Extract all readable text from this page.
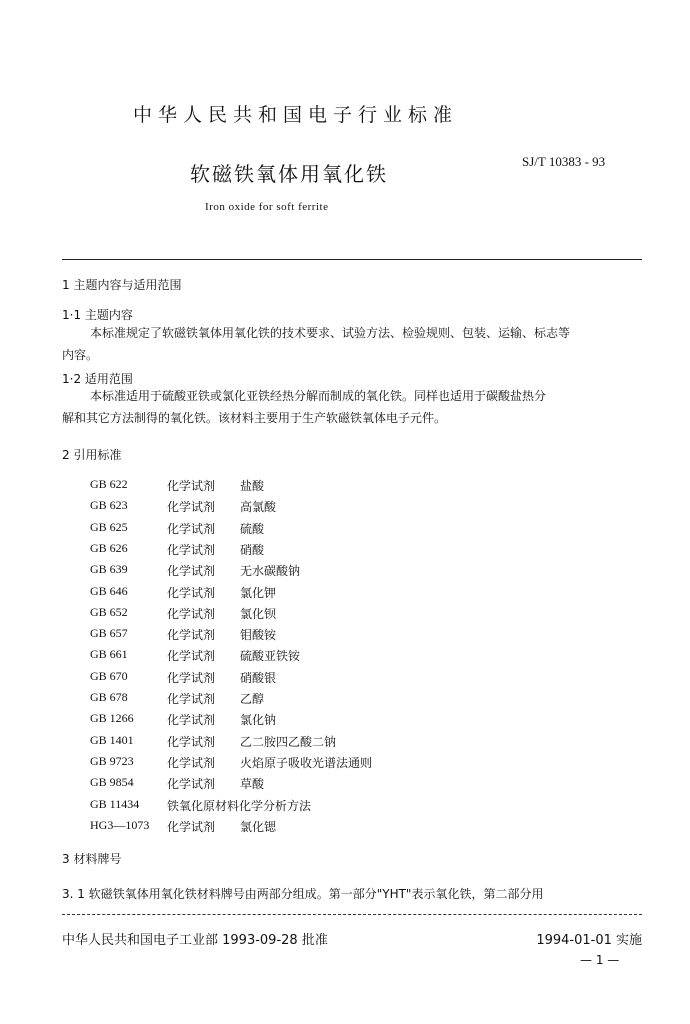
中华人民共和国电子行业标准
软磁铁氧体用氧化铁
SJ/T 10383 - 93
Iron oxide for soft ferrite
1 主题内容与适用范围
1·1 主题内容
本标准规定了软磁铁氧体用氧化铁的技术要求、试验方法、检验规则、包装、运输、标志等
内容。
1·2 适用范围
本标准适用于硫酸亚铁或氯化亚铁经热分解而制成的氧化铁。同样也适用于碳酸盐热分
解和其它方法制得的氧化铁。该材料主要用于生产软磁铁氧体电子元件。
2 引用标准
GB 622	化学试剂 盐酸
GB 623	化学试剂 高氯酸
GB 625	化学试剂 硫酸
GB 626	化学试剂 硝酸
GB 639	化学试剂 无水碳酸钠
GB 646	化学试剂 氯化钾
GB 652	化学试剂 氯化钡
GB 657	化学试剂 钼酸铵
GB 661	化学试剂 硫酸亚铁铵
GB 670	化学试剂 硝酸银
GB 678	化学试剂 乙醇
GB 1266	化学试剂 氯化钠
GB 1401	化学试剂 乙二胺四乙酸二钠
GB 9723	化学试剂 火焰原子吸收光谱法通则
GB 9854	化学试剂 草酸
GB 11434 铁氧化原材料化学分析方法
HG3—1073 化学试剂 氯化锶
3 材料牌号
3. 1 软磁铁氧体用氧化铁材料牌号由两部分组成。第一部分"YHT"表示氧化铁，第二部分用
中华人民共和国电子工业部 1993-09-28 批准	1994-01-01 实施
— 1 —
